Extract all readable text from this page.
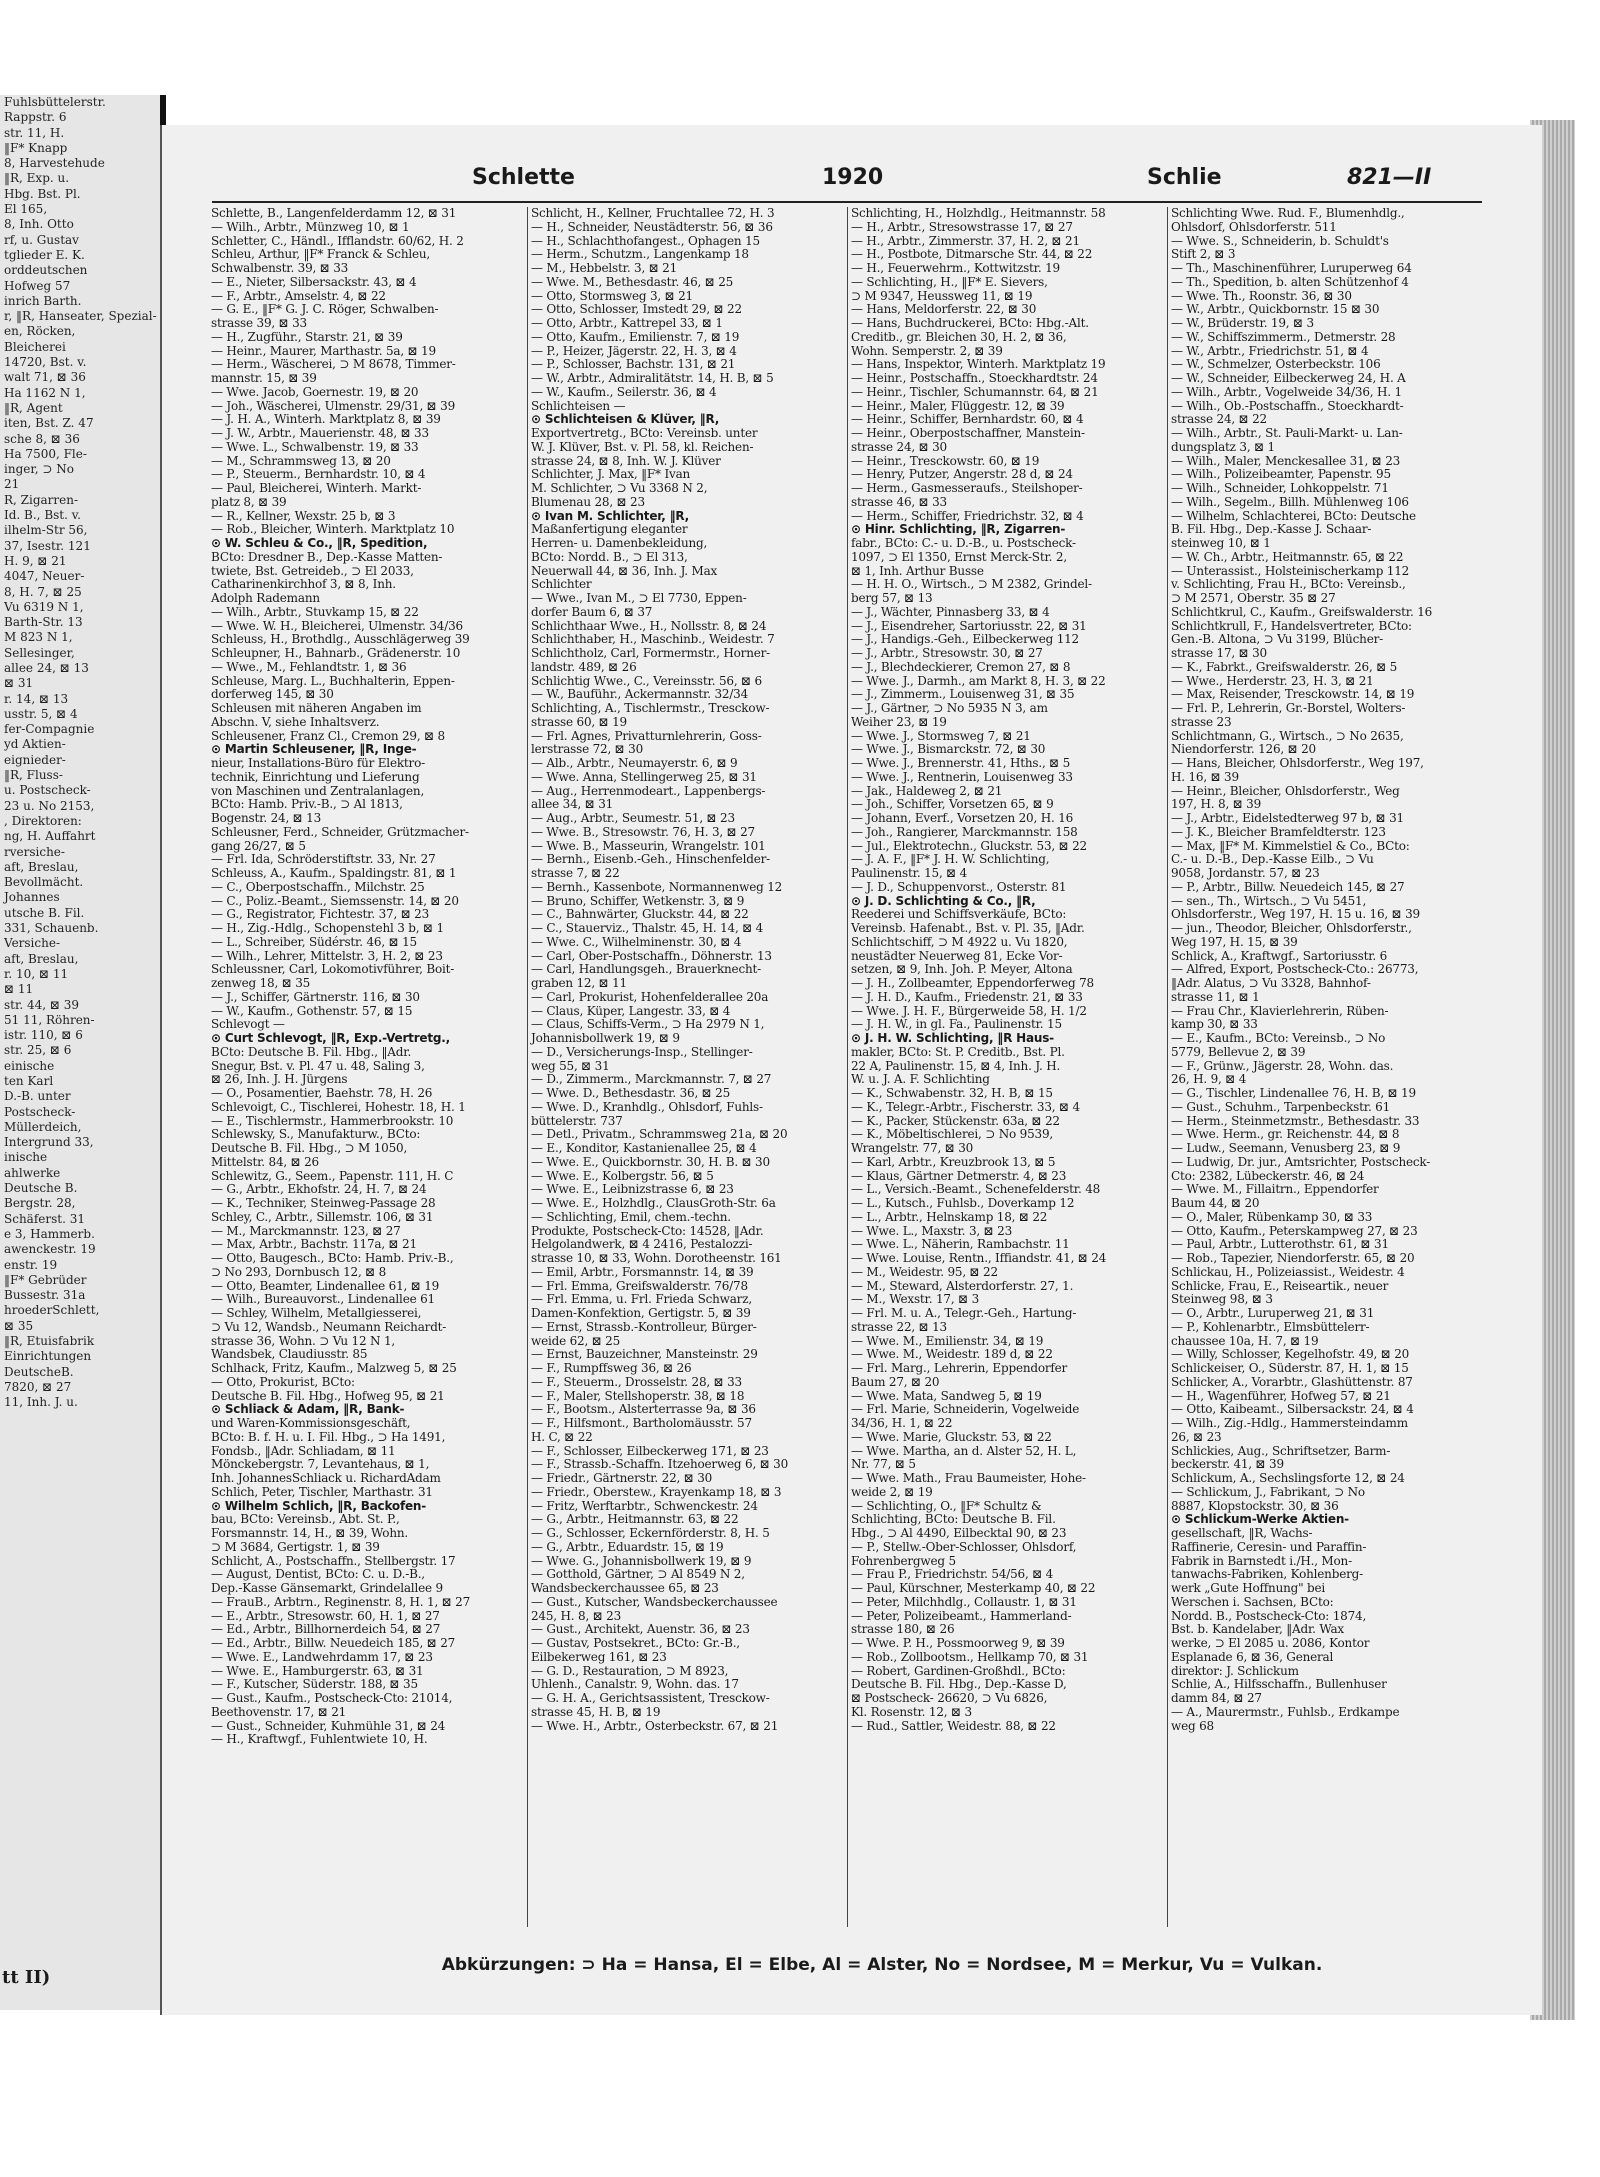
Fuhlsbüttelerstr.
Rappstr. 6
str. 11, H.
‖F* Knapp
8, Harvestehude
‖R, Exp. u.
Hbg. Bst. Pl.
El 165,
8, Inh. Otto
rf, u. Gustav
tglieder E. K.
orddeutschen
Hofweg 57
inrich Barth.
r, ‖R, Hanseater, Spezial-
en, Röcken,
Bleicherei
14720, Bst. v.
walt 71, ⊠ 36
Ha 1162 N 1,
‖R, Agent
iten, Bst. Z. 47
sche 8, ⊠ 36
Ha 7500, Fle-
inger, ⊃ No
21
R, Zigarren-
Id. B., Bst. v.
ilhelm-Str 56,
37, Isestr. 121
H. 9, ⊠ 21
4047, Neuer-
8, H. 7, ⊠ 25
Vu 6319 N 1,
Barth-Str. 13
M 823 N 1,
Sellesinger,
allee 24, ⊠ 13
⊠ 31
r. 14, ⊠ 13
usstr. 5, ⊠ 4
fer-Compagnie
yd Aktien-
eignieder-
‖R, Fluss-
u. Postscheck-
23 u. No 2153,
, Direktoren:
ng, H. Auffahrt
rversiche-
aft, Breslau,
Bevollmächt.
Johannes
utsche B. Fil.
331, Schauenb.
Versiche-
aft, Breslau,
r. 10, ⊠ 11
⊠ 11
str. 44, ⊠ 39
51 11, Röhren-
istr. 110, ⊠ 6
str. 25, ⊠ 6
einische
ten Karl
D.-B. unter
Postscheck-
Müllerdeich,
Intergrund 33,
inische
ahlwerke
Deutsche B.
Bergstr. 28,
Schäferst. 31
e 3, Hammerb.
awenckestr. 19
enstr. 19
‖F* Gebrüder
Bussestr. 31a
hroederSchlett,
⊠ 35
‖R, Etuisfabrik
Einrichtungen
DeutscheB.
7820, ⊠ 27
11, Inh. J. u.
tt II)
Schlette	1920	Schlie	821—II
Schlette, B., Langenfelderdamm 12, ⊠ 31
— Wilh., Arbtr., Münzweg 10, ⊠ 1
Schletter, C., Händl., Ifflandstr. 60/62, H. 2
Schleu, Arthur, ‖F* Franck & Schleu,
Schwalbenstr. 39, ⊠ 33
— E., Nieter, Silbersackstr. 43, ⊠ 4
— F., Arbtr., Amselstr. 4, ⊠ 22
— G. E., ‖F* G. J. C. Röger, Schwalben-
strasse 39, ⊠ 33
— H., Zugführ., Starstr. 21, ⊠ 39
— Heinr., Maurer, Marthastr. 5a, ⊠ 19
— Herm., Wäscherei, ⊃ M 8678, Timmer-
mannstr. 15, ⊠ 39
— Wwe. Jacob, Goernestr. 19, ⊠ 20
— Joh., Wäscherei, Ulmenstr. 29/31, ⊠ 39
— J. H. A., Winterh. Marktplatz 8, ⊠ 39
— J. W., Arbtr., Mauerienstr. 48, ⊠ 33
— Wwe. L., Schwalbenstr. 19, ⊠ 33
— M., Schrammsweg 13, ⊠ 20
— P., Steuerm., Bernhardstr. 10, ⊠ 4
— Paul, Bleicherei, Winterh. Markt-
platz 8, ⊠ 39
— R., Kellner, Wexstr. 25 b, ⊠ 3
— Rob., Bleicher, Winterh. Marktplatz 10
⊙ W. Schleu & Co., ‖R, Spedition,
BCto: Dresdner B., Dep.-Kasse Matten-
twiete, Bst. Getreideb., ⊃ El 2033,
Catharinenkirchhof 3, ⊠ 8, Inh.
Adolph Rademann
— Wilh., Arbtr., Stuvkamp 15, ⊠ 22
— Wwe. W. H., Bleicherei, Ulmenstr. 34/36
Schleuss, H., Brothdlg., Ausschlägerweg 39
Schleupner, H., Bahnarb., Grädenerstr. 10
— Wwe., M., Fehlandtstr. 1, ⊠ 36
Schleuse, Marg. L., Buchhalterin, Eppen-
dorferweg 145, ⊠ 30
Schleusen mit näheren Angaben im
Abschn. V, siehe Inhaltsverz.
Schleusener, Franz Cl., Cremon 29, ⊠ 8
⊙ Martin Schleusener, ‖R, Inge-
nieur, Installations-Büro für Elektro-
technik, Einrichtung und Lieferung
von Maschinen und Zentralanlagen,
BCto: Hamb. Priv.-B., ⊃ Al 1813,
Bogenstr. 24, ⊠ 13
Schleusner, Ferd., Schneider, Grützmacher-
gang 26/27, ⊠ 5
— Frl. Ida, Schröderstiftstr. 33, Nr. 27
Schleuss, A., Kaufm., Spaldingstr. 81, ⊠ 1
— C., Oberpostschaffn., Milchstr. 25
— C., Poliz.-Beamt., Siemssenstr. 14, ⊠ 20
— G., Registrator, Fichtestr. 37, ⊠ 23
— H., Zig.-Hdlg., Schopenstehl 3 b, ⊠ 1
— L., Schreiber, Südérstr. 46, ⊠ 15
— Wilh., Lehrer, Mittelstr. 3, H. 2, ⊠ 23
Schleussner, Carl, Lokomotivführer, Boit-
zenweg 18, ⊠ 35
— J., Schiffer, Gärtnerstr. 116, ⊠ 30
— W., Kaufm., Gothenstr. 57, ⊠ 15
Schlevogt —
⊙ Curt Schlevogt, ‖R, Exp.-Vertretg.,
BCto: Deutsche B. Fil. Hbg., ‖Adr.
Snegur, Bst. v. Pl. 47 u. 48, Saling 3,
⊠ 26, Inh. J. H. Jürgens
— O., Posamentier, Baehstr. 78, H. 26
Schlevoigt, C., Tischlerei, Hohestr. 18, H. 1
— E., Tischlermstr., Hammerbrookstr. 10
Schlewsky, S., Manufakturw., BCto:
Deutsche B. Fil. Hbg., ⊃ M 1050,
Mittelstr. 84, ⊠ 26
Schlewitz, G., Seem., Papenstr. 111, H. C
— G., Arbtr., Ekhofstr. 24, H. 7, ⊠ 24
— K., Techniker, Steinweg-Passage 28
Schley, C., Arbtr., Sillemstr. 106, ⊠ 31
— M., Marckmannstr. 123, ⊠ 27
— Max, Arbtr., Bachstr. 117a, ⊠ 21
— Otto, Baugesch., BCto: Hamb. Priv.-B.,
⊃ No 293, Dornbusch 12, ⊠ 8
— Otto, Beamter, Lindenallee 61, ⊠ 19
— Wilh., Bureauvorst., Lindenallee 61
— Schley, Wilhelm, Metallgiesserei,
⊃ Vu 12, Wandsb., Neumann Reichardt-
strasse 36, Wohn. ⊃ Vu 12 N 1,
Wandsbek, Claudiusstr. 85
Schlhack, Fritz, Kaufm., Malzweg 5, ⊠ 25
— Otto, Prokurist, BCto:
Deutsche B. Fil. Hbg., Hofweg 95, ⊠ 21
⊙ Schliack & Adam, ‖R, Bank-
und Waren-Kommissionsgeschäft,
BCto: B. f. H. u. I. Fil. Hbg., ⊃ Ha 1491,
Fondsb., ‖Adr. Schliadam, ⊠ 11
Mönckebergstr. 7, Levantehaus, ⊠ 1,
Inh. JohannesSchliack u. RichardAdam
Schlich, Peter, Tischler, Marthastr. 31
⊙ Wilhelm Schlich, ‖R, Backofen-
bau, BCto: Vereinsb., Abt. St. P.,
Forsmannstr. 14, H., ⊠ 39, Wohn.
⊃ M 3684, Gertigstr. 1, ⊠ 39
Schlicht, A., Postschaffn., Stellbergstr. 17
— August, Dentist, BCto: C. u. D.-B.,
Dep.-Kasse Gänsemarkt, Grindelallee 9
— FrauB., Arbtrn., Reginenstr. 8, H. 1, ⊠ 27
— E., Arbtr., Stresowstr. 60, H. 1, ⊠ 27
— Ed., Arbtr., Billhornerdeich 54, ⊠ 27
— Ed., Arbtr., Billw. Neuedeich 185, ⊠ 27
— Wwe. E., Landwehrdamm 17, ⊠ 23
— Wwe. E., Hamburgerstr. 63, ⊠ 31
— F., Kutscher, Süderstr. 188, ⊠ 35
— Gust., Kaufm., Postscheck-Cto: 21014,
Beethovenstr. 17, ⊠ 21
— Gust., Schneider, Kuhmühle 31, ⊠ 24
— H., Kraftwgf., Fuhlentwiete 10, H.
Schlicht, H., Kellner, Fruchtallee 72, H. 3
— H., Schneider, Neustädterstr. 56, ⊠ 36
— H., Schlachthofangest., Ophagen 15
— Herm., Schutzm., Langenkamp 18
— M., Hebbelstr. 3, ⊠ 21
— Wwe. M., Bethesdastr. 46, ⊠ 25
— Otto, Stormsweg 3, ⊠ 21
— Otto, Schlosser, Imstedt 29, ⊠ 22
— Otto, Arbtr., Kattrepel 33, ⊠ 1
— Otto, Kaufm., Emilienstr. 7, ⊠ 19
— P., Heizer, Jägerstr. 22, H. 3, ⊠ 4
— P., Schlosser, Bachstr. 131, ⊠ 21
— W., Arbtr., Admiralitätstr. 14, H. B, ⊠ 5
— W., Kaufm., Seilerstr. 36, ⊠ 4
Schlichteisen —
⊙ Schlichteisen & Klüver, ‖R,
Exportvertretg., BCto: Vereinsb. unter
W. J. Klüver, Bst. v. Pl. 58, kl. Reichen-
strasse 24, ⊠ 8, Inh. W. J. Klüver
Schlichter, J. Max, ‖F* Ivan
M. Schlichter, ⊃ Vu 3368 N 2,
Blumenau 28, ⊠ 23
⊙ Ivan M. Schlichter, ‖R,
Maßanfertigung eleganter
Herren- u. Damenbekleidung,
BCto: Nordd. B., ⊃ El 313,
Neuerwall 44, ⊠ 36, Inh. J. Max
Schlichter
— Wwe., Ivan M., ⊃ El 7730, Eppen-
dorfer Baum 6, ⊠ 37
Schlichthaar Wwe., H., Nollsstr. 8, ⊠ 24
Schlichthaber, H., Maschinb., Weidestr. 7
Schlichtholz, Carl, Formermstr., Horner-
landstr. 489, ⊠ 26
Schlichtig Wwe., C., Vereinsstr. 56, ⊠ 6
— W., Bauführ., Ackermannstr. 32/34
Schlichting, A., Tischlermstr., Tresckow-
strasse 60, ⊠ 19
— Frl. Agnes, Privatturnlehrerin, Goss-
lerstrasse 72, ⊠ 30
— Alb., Arbtr., Neumayerstr. 6, ⊠ 9
— Wwe. Anna, Stellingerweg 25, ⊠ 31
— Aug., Herrenmodeart., Lappenbergs-
allee 34, ⊠ 31
— Aug., Arbtr., Seumestr. 51, ⊠ 23
— Wwe. B., Stresowstr. 76, H. 3, ⊠ 27
— Wwe. B., Masseurin, Wrangelstr. 101
— Bernh., Eisenb.-Geh., Hinschenfelder-
strasse 7, ⊠ 22
— Bernh., Kassenbote, Normannenweg 12
— Bruno, Schiffer, Wetkenstr. 3, ⊠ 9
— C., Bahnwärter, Gluckstr. 44, ⊠ 22
— C., Stauerviz., Thalstr. 45, H. 14, ⊠ 4
— Wwe. C., Wilhelminenstr. 30, ⊠ 4
— Carl, Ober-Postschaffn., Döhnerstr. 13
— Carl, Handlungsgeh., Brauerknecht-
graben 12, ⊠ 11
— Carl, Prokurist, Hohenfelderallee 20a
— Claus, Küper, Langestr. 33, ⊠ 4
— Claus, Schiffs-Verm., ⊃ Ha 2979 N 1,
Johannisbollwerk 19, ⊠ 9
— D., Versicherungs-Insp., Stellinger-
weg 55, ⊠ 31
— D., Zimmerm., Marckmannstr. 7, ⊠ 27
— Wwe. D., Bethesdastr. 36, ⊠ 25
— Wwe. D., Kranhdlg., Ohlsdorf, Fuhls-
büttelerstr. 737
— Detl., Privatm., Schrammsweg 21a, ⊠ 20
— E., Konditor, Kastanienallee 25, ⊠ 4
— Wwe. E., Quickbornstr. 30, H. B. ⊠ 30
— Wwe. E., Kolbergstr. 56, ⊠ 5
— Wwe. E., Leibnizstrasse 6, ⊠ 23
— Wwe. E., Holzhdlg., ClausGroth-Str. 6a
— Schlichting, Emil, chem.-techn.
Produkte, Postscheck-Cto: 14528, ‖Adr.
Helgolandwerk, ⊠ 4 2416, Pestalozzi-
strasse 10, ⊠ 33, Wohn. Dorotheenstr. 161
— Emil, Arbtr., Forsmannstr. 14, ⊠ 39
— Frl. Emma, Greifswalderstr. 76/78
— Frl. Emma, u. Frl. Frieda Schwarz,
Damen-Konfektion, Gertigstr. 5, ⊠ 39
— Ernst, Strassb.-Kontrolleur, Bürger-
weide 62, ⊠ 25
— Ernst, Bauzeichner, Mansteinstr. 29
— F., Rumpffsweg 36, ⊠ 26
— F., Steuerm., Drosselstr. 28, ⊠ 33
— F., Maler, Stellshoperstr. 38, ⊠ 18
— F., Bootsm., Alsterterrasse 9a, ⊠ 36
— F., Hilfsmont., Bartholomäusstr. 57
H. C, ⊠ 22
— F., Schlosser, Eilbeckerweg 171, ⊠ 23
— F., Strassb.-Schaffn. Itzehoerweg 6, ⊠ 30
— Friedr., Gärtnerstr. 22, ⊠ 30
— Friedr., Oberstew., Krayenkamp 18, ⊠ 3
— Fritz, Werftarbtr., Schwenckestr. 24
— G., Arbtr., Heitmannstr. 63, ⊠ 22
— G., Schlosser, Eckernförderstr. 8, H. 5
— G., Arbtr., Eduardstr. 15, ⊠ 19
— Wwe. G., Johannisbollwerk 19, ⊠ 9
— Gotthold, Gärtner, ⊃ Al 8549 N 2,
Wandsbeckerchaussee 65, ⊠ 23
— Gust., Kutscher, Wandsbeckerchaussee
245, H. 8, ⊠ 23
— Gust., Architekt, Auenstr. 36, ⊠ 23
— Gustav, Postsekret., BCto: Gr.-B.,
Eilbekerweg 161, ⊠ 23
— G. D., Restauration, ⊃ M 8923,
Uhlenh., Canalstr. 9, Wohn. das. 17
— G. H. A., Gerichtsassistent, Tresckow-
strasse 45, H. B, ⊠ 19
— Wwe. H., Arbtr., Osterbeckstr. 67, ⊠ 21
Schlichting, H., Holzhdlg., Heitmannstr. 58
— H., Arbtr., Stresowstrasse 17, ⊠ 27
— H., Arbtr., Zimmerstr. 37, H. 2, ⊠ 21
— H., Postbote, Ditmarsche Str. 44, ⊠ 22
— H., Feuerwehrm., Kottwitzstr. 19
— Schlichting, H., ‖F* E. Sievers,
⊃ M 9347, Heussweg 11, ⊠ 19
— Hans, Meldorferstr. 22, ⊠ 30
— Hans, Buchdruckerei, BCto: Hbg.-Alt.
Creditb., gr. Bleichen 30, H. 2, ⊠ 36,
Wohn. Semperstr. 2, ⊠ 39
— Hans, Inspektor, Winterh. Marktplatz 19
— Heinr., Postschaffn., Stoeckhardtstr. 24
— Heinr., Tischler, Schumannstr. 64, ⊠ 21
— Heinr., Maler, Flüggestr. 12, ⊠ 39
— Heinr., Schiffer, Bernhardstr. 60, ⊠ 4
— Heinr., Oberpostschaffner, Manstein-
strasse 24, ⊠ 30
— Heinr., Tresckowstr. 60, ⊠ 19
— Henry, Putzer, Angerstr. 28 d, ⊠ 24
— Herm., Gasmesseraufs., Steilshoper-
strasse 46, ⊠ 33
— Herm., Schiffer, Friedrichstr. 32, ⊠ 4
⊙ Hinr. Schlichting, ‖R, Zigarren-
fabr., BCto: C.- u. D.-B., u. Postscheck-
1097, ⊃ El 1350, Ernst Merck-Str. 2,
⊠ 1, Inh. Arthur Busse
— H. H. O., Wirtsch., ⊃ M 2382, Grindel-
berg 57, ⊠ 13
— J., Wächter, Pinnasberg 33, ⊠ 4
— J., Eisendreher, Sartoriusstr. 22, ⊠ 31
— J., Handigs.-Geh., Eilbeckerweg 112
— J., Arbtr., Stresowstr. 30, ⊠ 27
— J., Blechdeckierer, Cremon 27, ⊠ 8
— Wwe. J., Darmh., am Markt 8, H. 3, ⊠ 22
— J., Zimmerm., Louisenweg 31, ⊠ 35
— J., Gärtner, ⊃ No 5935 N 3, am
Weiher 23, ⊠ 19
— Wwe. J., Stormsweg 7, ⊠ 21
— Wwe. J., Bismarckstr. 72, ⊠ 30
— Wwe. J., Brennerstr. 41, Hths., ⊠ 5
— Wwe. J., Rentnerin, Louisenweg 33
— Jak., Haldeweg 2, ⊠ 21
— Joh., Schiffer, Vorsetzen 65, ⊠ 9
— Johann, Everf., Vorsetzen 20, H. 16
— Joh., Rangierer, Marckmannstr. 158
— Jul., Elektrotechn., Gluckstr. 53, ⊠ 22
— J. A. F., ‖F* J. H. W. Schlichting,
Paulinenstr. 15, ⊠ 4
— J. D., Schuppenvorst., Osterstr. 81
⊙ J. D. Schlichting & Co., ‖R,
Reederei und Schiffsverkäufe, BCto:
Vereinsb. Hafenabt., Bst. v. Pl. 35, ‖Adr.
Schlichtschiff, ⊃ M 4922 u. Vu 1820,
neustädter Neuerweg 81, Ecke Vor-
setzen, ⊠ 9, Inh. Joh. P. Meyer, Altona
— J. H., Zollbeamter, Eppendorferweg 78
— J. H. D., Kaufm., Friedenstr. 21, ⊠ 33
— Wwe. J. H. F., Bürgerweide 58, H. 1/2
— J. H. W., in gl. Fa., Paulinenstr. 15
⊙ J. H. W. Schlichting, ‖R Haus-
makler, BCto: St. P. Creditb., Bst. Pl.
22 A, Paulinenstr. 15, ⊠ 4, Inh. J. H.
W. u. J. A. F. Schlichting
— K., Schwabenstr. 32, H. B, ⊠ 15
— K., Telegr.-Arbtr., Fischerstr. 33, ⊠ 4
— K., Packer, Stückenstr. 63a, ⊠ 22
— K., Möbeltischlerei, ⊃ No 9539,
Wrangelstr. 77, ⊠ 30
— Karl, Arbtr., Kreuzbrook 13, ⊠ 5
— Klaus, Gärtner Detmerstr. 4, ⊠ 23
— L., Versich.-Beamt., Schenefelderstr. 48
— L., Kutsch., Fuhlsb., Doverkamp 12
— L., Arbtr., Helnskamp 18, ⊠ 22
— Wwe. L., Maxstr. 3, ⊠ 23
— Wwe. L., Näherin, Rambachstr. 11
— Wwe. Louise, Rentn., Iffiandstr. 41, ⊠ 24
— M., Weidestr. 95, ⊠ 22
— M., Steward, Alsterdorferstr. 27, 1.
— M., Wexstr. 17, ⊠ 3
— Frl. M. u. A., Telegr.-Geh., Hartung-
strasse 22, ⊠ 13
— Wwe. M., Emilienstr. 34, ⊠ 19
— Wwe. M., Weidestr. 189 d, ⊠ 22
— Frl. Marg., Lehrerin, Eppendorfer
Baum 27, ⊠ 20
— Wwe. Mata, Sandweg 5, ⊠ 19
— Frl. Marie, Schneiderin, Vogelweide
34/36, H. 1, ⊠ 22
— Wwe. Marie, Gluckstr. 53, ⊠ 22
— Wwe. Martha, an d. Alster 52, H. L,
Nr. 77, ⊠ 5
— Wwe. Math., Frau Baumeister, Hohe-
weide 2, ⊠ 19
— Schlichting, O., ‖F* Schultz &
Schlichting, BCto: Deutsche B. Fil.
Hbg., ⊃ Al 4490, Eilbecktal 90, ⊠ 23
— P., Stellw.-Ober-Schlosser, Ohlsdorf,
Fohrenbergweg 5
— Frau P., Friedrichstr. 54/56, ⊠ 4
— Paul, Kürschner, Mesterkamp 40, ⊠ 22
— Peter, Milchhdlg., Collaustr. 1, ⊠ 31
— Peter, Polizeibeamt., Hammerland-
strasse 180, ⊠ 26
— Wwe. P. H., Possmoorweg 9, ⊠ 39
— Rob., Zollbootsm., Hellkamp 70, ⊠ 31
— Robert, Gardinen-Großhdl., BCto:
Deutsche B. Fil. Hbg., Dep.-Kasse D,
⊠ Postscheck- 26620, ⊃ Vu 6826,
Kl. Rosenstr. 12, ⊠ 3
— Rud., Sattler, Weidestr. 88, ⊠ 22
Schlichting Wwe. Rud. F., Blumenhdlg.,
Ohlsdorf, Ohlsdorferstr. 511
— Wwe. S., Schneiderin, b. Schuldt's
Stift 2, ⊠ 3
— Th., Maschinenführer, Luruperweg 64
— Th., Spedition, b. alten Schützenhof 4
— Wwe. Th., Roonstr. 36, ⊠ 30
— W., Arbtr., Quickbornstr. 15 ⊠ 30
— W., Brüderstr. 19, ⊠ 3
— W., Schiffszimmerm., Detmerstr. 28
— W., Arbtr., Friedrichstr. 51, ⊠ 4
— W., Schmelzer, Osterbeckstr. 106
— W., Schneider, Eilbeckerweg 24, H. A
— Wilh., Arbtr., Vogelweide 34/36, H. 1
— Wilh., Ob.-Postschaffn., Stoeckhardt-
strasse 24, ⊠ 22
— Wilh., Arbtr., St. Pauli-Markt- u. Lan-
dungsplatz 3, ⊠ 1
— Wilh., Maler, Menckesallee 31, ⊠ 23
— Wilh., Polizeibeamter, Papenstr. 95
— Wilh., Schneider, Lohkoppelstr. 71
— Wilh., Segelm., Billh. Mühlenweg 106
— Wilhelm, Schlachterei, BCto: Deutsche
B. Fil. Hbg., Dep.-Kasse J. Schaar-
steinweg 10, ⊠ 1
— W. Ch., Arbtr., Heitmannstr. 65, ⊠ 22
— Unterassist., Holsteinischerkamp 112
v. Schlichting, Frau H., BCto: Vereinsb.,
⊃ M 2571, Oberstr. 35 ⊠ 27
Schlichtkrul, C., Kaufm., Greifswalderstr. 16
Schlichtkrull, F., Handelsvertreter, BCto:
Gen.-B. Altona, ⊃ Vu 3199, Blücher-
strasse 17, ⊠ 30
— K., Fabrkt., Greifswalderstr. 26, ⊠ 5
— Wwe., Herderstr. 23, H. 3, ⊠ 21
— Max, Reisender, Tresckowstr. 14, ⊠ 19
— Frl. P., Lehrerin, Gr.-Borstel, Wolters-
strasse 23
Schlichtmann, G., Wirtsch., ⊃ No 2635,
Niendorferstr. 126, ⊠ 20
— Hans, Bleicher, Ohlsdorferstr., Weg 197,
H. 16, ⊠ 39
— Heinr., Bleicher, Ohlsdorferstr., Weg
197, H. 8, ⊠ 39
— J., Arbtr., Eidelstedterweg 97 b, ⊠ 31
— J. K., Bleicher Bramfeldterstr. 123
— Max, ‖F* M. Kimmelstiel & Co., BCto:
C.- u. D.-B., Dep.-Kasse Eilb., ⊃ Vu
9058, Jordanstr. 57, ⊠ 23
— P., Arbtr., Billw. Neuedeich 145, ⊠ 27
— sen., Th., Wirtsch., ⊃ Vu 5451,
Ohlsdorferstr., Weg 197, H. 15 u. 16, ⊠ 39
— jun., Theodor, Bleicher, Ohlsdorferstr.,
Weg 197, H. 15, ⊠ 39
Schlick, A., Kraftwgf., Sartoriusstr. 6
— Alfred, Export, Postscheck-Cto.: 26773,
‖Adr. Alatus, ⊃ Vu 3328, Bahnhof-
strasse 11, ⊠ 1
— Frau Chr., Klavierlehrerin, Rüben-
kamp 30, ⊠ 33
— E., Kaufm., BCto: Vereinsb., ⊃ No
5779, Bellevue 2, ⊠ 39
— F., Grünw., Jägerstr. 28, Wohn. das.
26, H. 9, ⊠ 4
— G., Tischler, Lindenallee 76, H. B, ⊠ 19
— Gust., Schuhm., Tarpenbeckstr. 61
— Herm., Steinmetzmstr., Bethesdastr. 33
— Wwe. Herm., gr. Reichenstr. 44, ⊠ 8
— Ludw., Seemann, Venusberg 23, ⊠ 9
— Ludwig, Dr. jur., Amtsrichter, Postscheck-
Cto: 2382, Lübeckerstr. 46, ⊠ 24
— Wwe. M., Fillaitrn., Eppendorfer
Baum 44, ⊠ 20
— O., Maler, Rübenkamp 30, ⊠ 33
— Otto, Kaufm., Peterskampweg 27, ⊠ 23
— Paul, Arbtr., Lutterothstr. 61, ⊠ 31
— Rob., Tapezier, Niendorferstr. 65, ⊠ 20
Schlickau, H., Polizeiassist., Weidestr. 4
Schlicke, Frau, E., Reiseartik., neuer
Steinweg 98, ⊠ 3
— O., Arbtr., Luruperweg 21, ⊠ 31
— P., Kohlenarbtr., Elmsbüttelerr-
chaussee 10a, H. 7, ⊠ 19
— Willy, Schlosser, Kegelhofstr. 49, ⊠ 20
Schlickeiser, O., Süderstr. 87, H. 1, ⊠ 15
Schlicker, A., Vorarbtr., Glashüttenstr. 87
— H., Wagenführer, Hofweg 57, ⊠ 21
— Otto, Kaibeamt., Silbersackstr. 24, ⊠ 4
— Wilh., Zig.-Hdlg., Hammersteindamm
26, ⊠ 23
Schlickies, Aug., Schriftsetzer, Barm-
beckerstr. 41, ⊠ 39
Schlickum, A., Sechslingsforte 12, ⊠ 24
— Schlickum, J., Fabrikant, ⊃ No
8887, Klopstockstr. 30, ⊠ 36
⊙ Schlickum-Werke Aktien-
gesellschaft, ‖R, Wachs-
Raffinerie, Ceresin- und Paraffin-
Fabrik in Barnstedt i./H., Mon-
tanwachs-Fabriken, Kohlenberg-
werk „Gute Hoffnung" bei
Werschen i. Sachsen, BCto:
Nordd. B., Postscheck-Cto: 1874,
Bst. b. Kandelaber, ‖Adr. Wax
werke, ⊃ El 2085 u. 2086, Kontor
Esplanade 6, ⊠ 36, General
direktor: J. Schlickum
Schlie, A., Hilfsschaffn., Bullenhuser
damm 84, ⊠ 27
— A., Maurermstr., Fuhlsb., Erdkampe
weg 68
Abkürzungen: ⊃ Ha = Hansa, El = Elbe, Al = Alster, No = Nordsee, M = Merkur, Vu = Vulkan.
